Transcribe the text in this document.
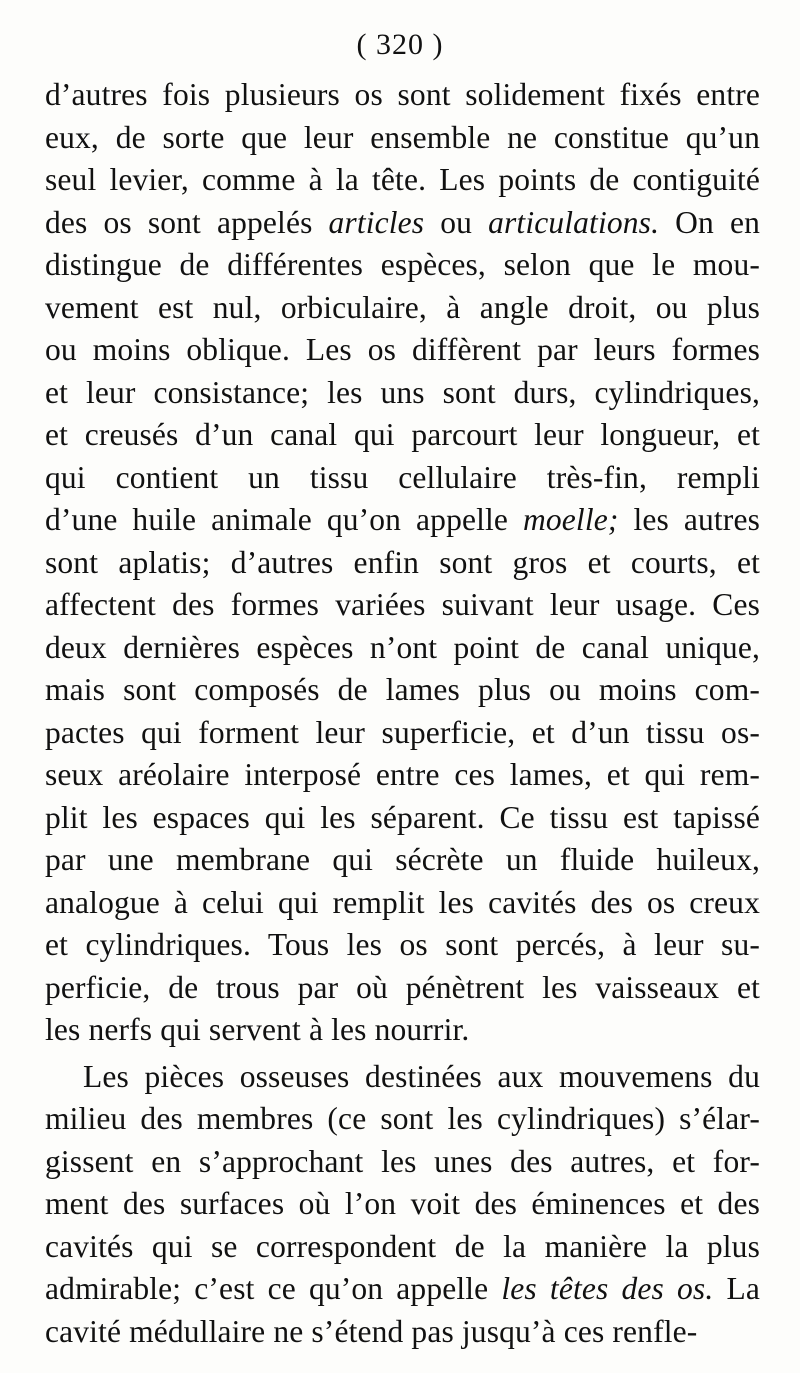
( 320 )
d’autres fois plusieurs os sont solidement fixés entre
eux, de sorte que leur ensemble ne constitue qu’un
seul levier, comme à la tête. Les points de contiguité
des os sont appelés articles ou articulations. On en
distingue de différentes espèces, selon que le mou-
vement est nul, orbiculaire, à angle droit, ou plus
ou moins oblique. Les os diffèrent par leurs formes
et leur consistance; les uns sont durs, cylindriques,
et creusés d’un canal qui parcourt leur longueur, et
qui contient un tissu cellulaire très-fin, rempli
d’une huile animale qu’on appelle moelle; les autres
sont aplatis; d’autres enfin sont gros et courts, et
affectent des formes variées suivant leur usage. Ces
deux dernières espèces n’ont point de canal unique,
mais sont composés de lames plus ou moins com-
pactes qui forment leur superficie, et d’un tissu os-
seux aréolaire interposé entre ces lames, et qui rem-
plit les espaces qui les séparent. Ce tissu est tapissé
par une membrane qui sécrète un fluide huileux,
analogue à celui qui remplit les cavités des os creux
et cylindriques. Tous les os sont percés, à leur su-
perficie, de trous par où pénètrent les vaisseaux et
les nerfs qui servent à les nourrir.
Les pièces osseuses destinées aux mouvemens du
milieu des membres (ce sont les cylindriques) s’élar-
gissent en s’approchant les unes des autres, et for-
ment des surfaces où l’on voit des éminences et des
cavités qui se correspondent de la manière la plus
admirable; c’est ce qu’on appelle les têtes des os. La
cavité médullaire ne s’étend pas jusqu’à ces renfle-
